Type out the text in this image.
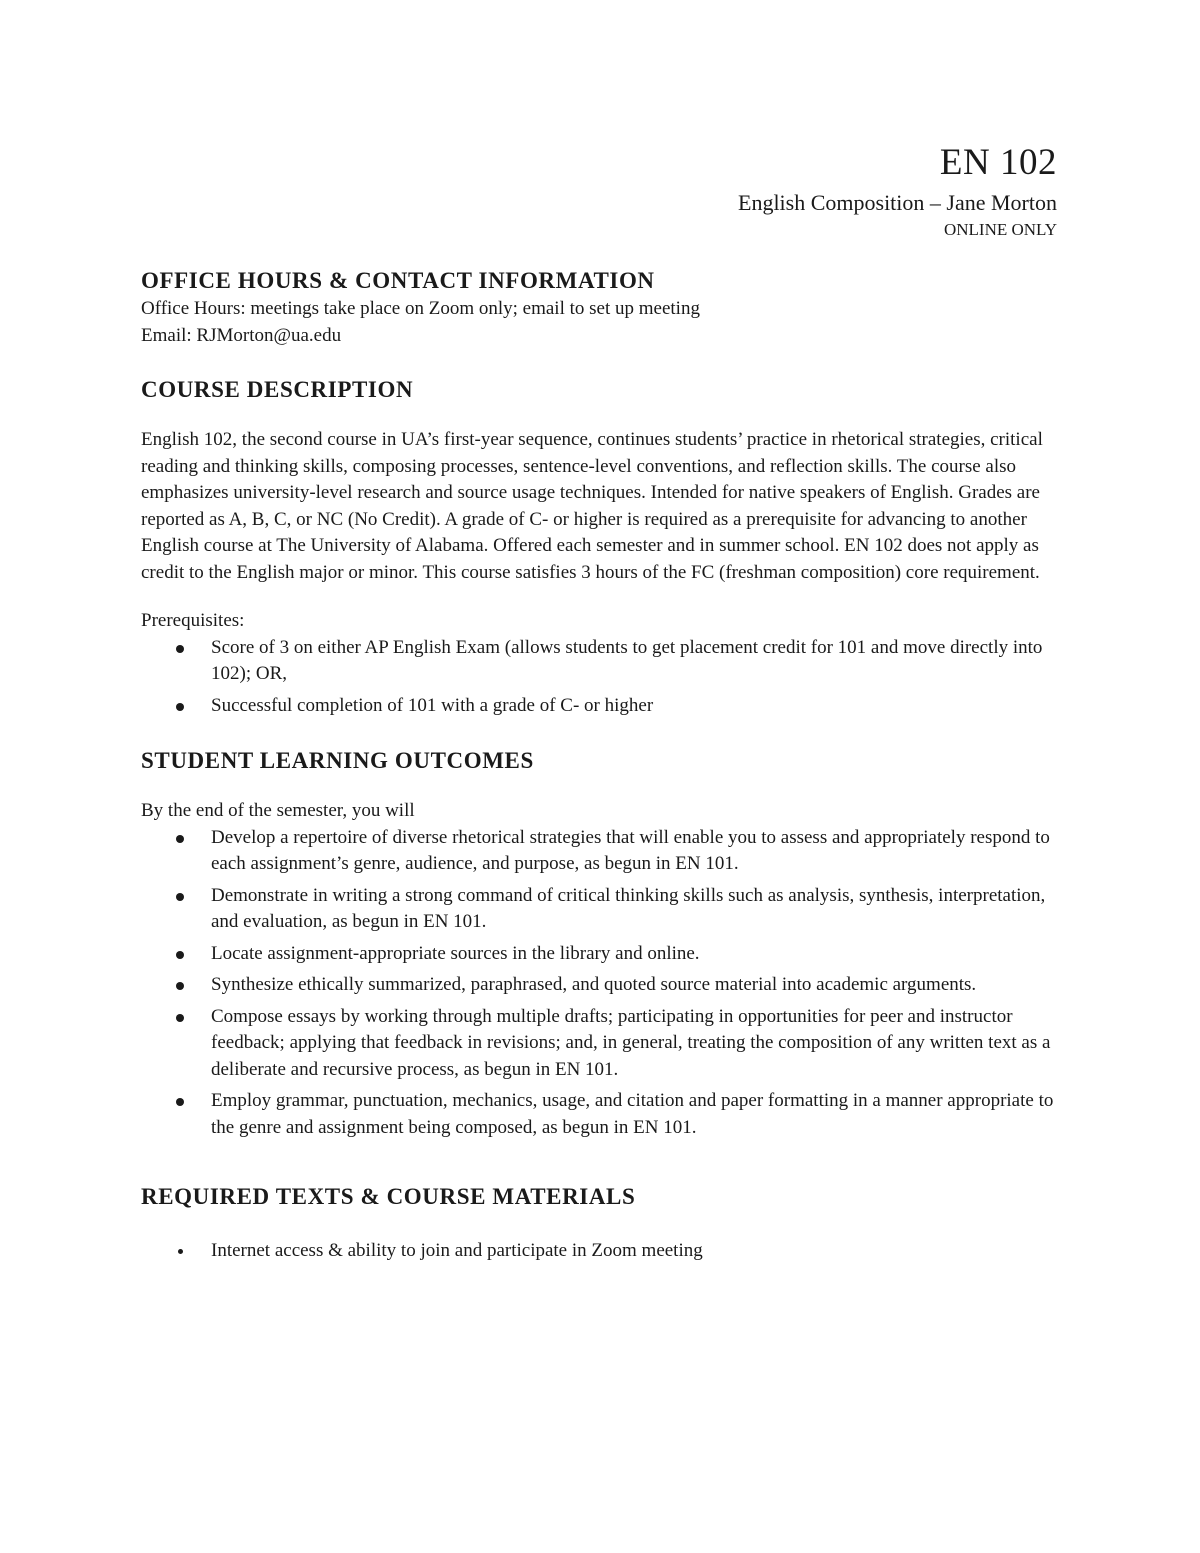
EN 102
English Composition – Jane Morton
ONLINE ONLY
OFFICE HOURS & CONTACT INFORMATION

Office Hours: meetings take place on Zoom only; email to set up meeting

Email: RJMorton@ua.edu

COURSE DESCRIPTION

English 102, the second course in UA’s first-year sequence, continues students’ practice in rhetorical strategies, critical reading and thinking skills, composing processes, sentence-level conventions, and reflection skills. The course also emphasizes university-level research and source usage techniques. Intended for native speakers of English. Grades are reported as A, B, C, or NC (No Credit). A grade of C- or higher is required as a prerequisite for advancing to another English course at The University of Alabama. Offered each semester and in summer school. EN 102 does not apply as credit to the English major or minor. This course satisfies 3 hours of the FC (freshman composition) core requirement.

Prerequisites:

Score of 3 on either AP English Exam (allows students to get placement credit for 101 and move directly into 102); OR,
Successful completion of 101 with a grade of C- or higher
STUDENT LEARNING OUTCOMES

By the end of the semester, you will

Develop a repertoire of diverse rhetorical strategies that will enable you to assess and appropriately respond to each assignment’s genre, audience, and purpose, as begun in EN 101.
Demonstrate in writing a strong command of critical thinking skills such as analysis, synthesis, interpretation, and evaluation, as begun in EN 101.
Locate assignment-appropriate sources in the library and online.
Synthesize ethically summarized, paraphrased, and quoted source material into academic arguments.
Compose essays by working through multiple drafts; participating in opportunities for peer and instructor feedback; applying that feedback in revisions; and, in general, treating the composition of any written text as a deliberate and recursive process, as begun in EN 101.
Employ grammar, punctuation, mechanics, usage, and citation and paper formatting in a manner appropriate to the genre and assignment being composed, as begun in EN 101.
REQUIRED TEXTS & COURSE MATERIALS
Internet access & ability to join and participate in Zoom meeting
